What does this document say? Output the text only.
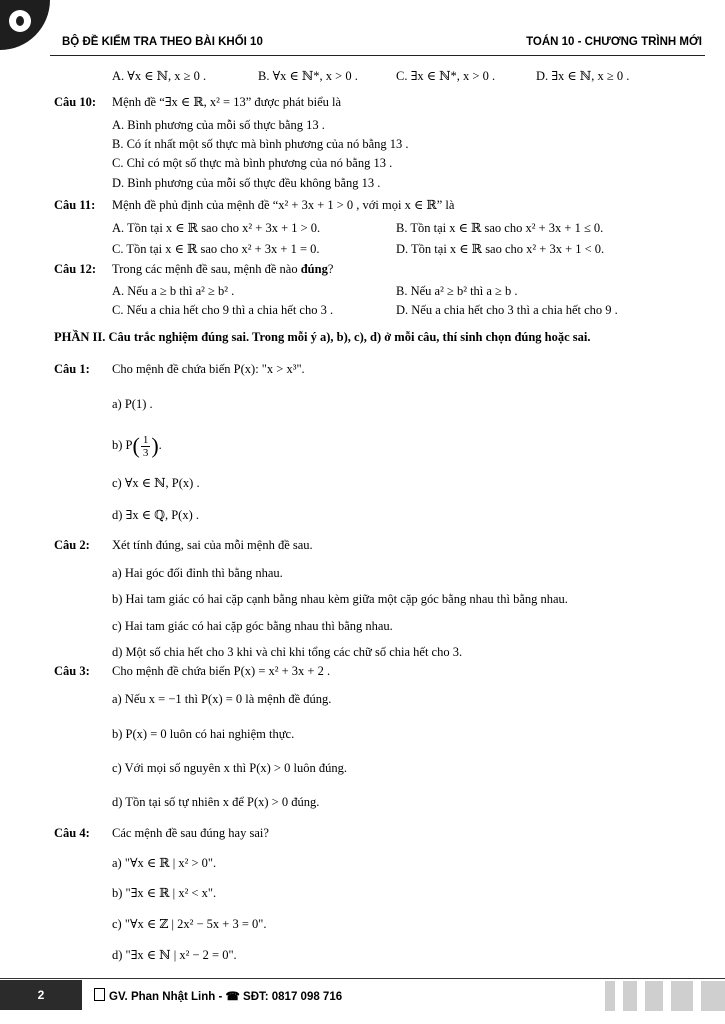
BỘ ĐỀ KIỂM TRA THEO BÀI KHỐI 10	TOÁN 10 - CHƯƠNG TRÌNH MỚI
A. ∀x ∈ ℕ, x ≥ 0 .	B. ∀x ∈ ℕ*, x > 0 .	C. ∃x ∈ ℕ*, x > 0 .	D. ∃x ∈ ℕ, x ≥ 0 .
Câu 10: Mệnh đề “∃x ∈ ℝ, x² = 13” được phát biểu là
A. Bình phương của mỗi số thực bằng 13 .
B. Có ít nhất một số thực mà bình phương của nó bằng 13 .
C. Chỉ có một số thực mà bình phương của nó bằng 13 .
D. Bình phương của mỗi số thực đều không bằng 13 .
Câu 11: Mệnh đề phủ định của mệnh đề “x² + 3x + 1 > 0 , với mọi x ∈ ℝ” là
A. Tồn tại x ∈ ℝ sao cho x² + 3x + 1 > 0.	B. Tồn tại x ∈ ℝ sao cho x² + 3x + 1 ≤ 0.
C. Tồn tại x ∈ ℝ sao cho x² + 3x + 1 = 0.	D. Tồn tại x ∈ ℝ sao cho x² + 3x + 1 < 0.
Câu 12: Trong các mệnh đề sau, mệnh đề nào đúng?
A. Nếu a ≥ b thì a² ≥ b² .	B. Nếu a² ≥ b² thì a ≥ b .
C. Nếu a chia hết cho 9 thì a chia hết cho 3 .	D. Nếu a chia hết cho 3 thì a chia hết cho 9 .
PHẦN II. Câu trắc nghiệm đúng sai. Trong mỗi ý a), b), c), d) ở mỗi câu, thí sinh chọn đúng hoặc sai.
Câu 1: Cho mệnh đề chứa biến P(x): "x > x³".
a) P(1) .
b) $P( \frac{1}{3}$ ).
c) ∀x ∈ ℕ, P(x) .
d) ∃x ∈ ℚ, P(x) .
Câu 2: Xét tính đúng, sai của mỗi mệnh đề sau.
a) Hai góc đối đỉnh thì bằng nhau.
b) Hai tam giác có hai cặp cạnh bằng nhau kèm giữa một cặp góc bằng nhau thì bằng nhau.
c) Hai tam giác có hai cặp góc bằng nhau thì bằng nhau.
d) Một số chia hết cho 3 khi và chỉ khi tổng các chữ số chia hết cho 3.
Câu 3: Cho mệnh đề chứa biến P(x) = x² + 3x + 2 .
a) Nếu x = −1 thì P(x) = 0 là mệnh đề đúng.
b) P(x) = 0 luôn có hai nghiệm thực.
c) Với mọi số nguyên x thì P(x) > 0 luôn đúng.
d) Tồn tại số tự nhiên x để P(x) > 0 đúng.
Câu 4: Các mệnh đề sau đúng hay sai?
a) "∀x ∈ ℝ | x² > 0".
b) "∃x ∈ ℝ | x² < x".
c) "∀x ∈ ℤ | 2x² − 5x + 3 = 0".
d) "∃x ∈ ℕ | x² − 2 = 0".
2	GV. Phan Nhật Linh - ☎ SĐT: 0817 098 716
